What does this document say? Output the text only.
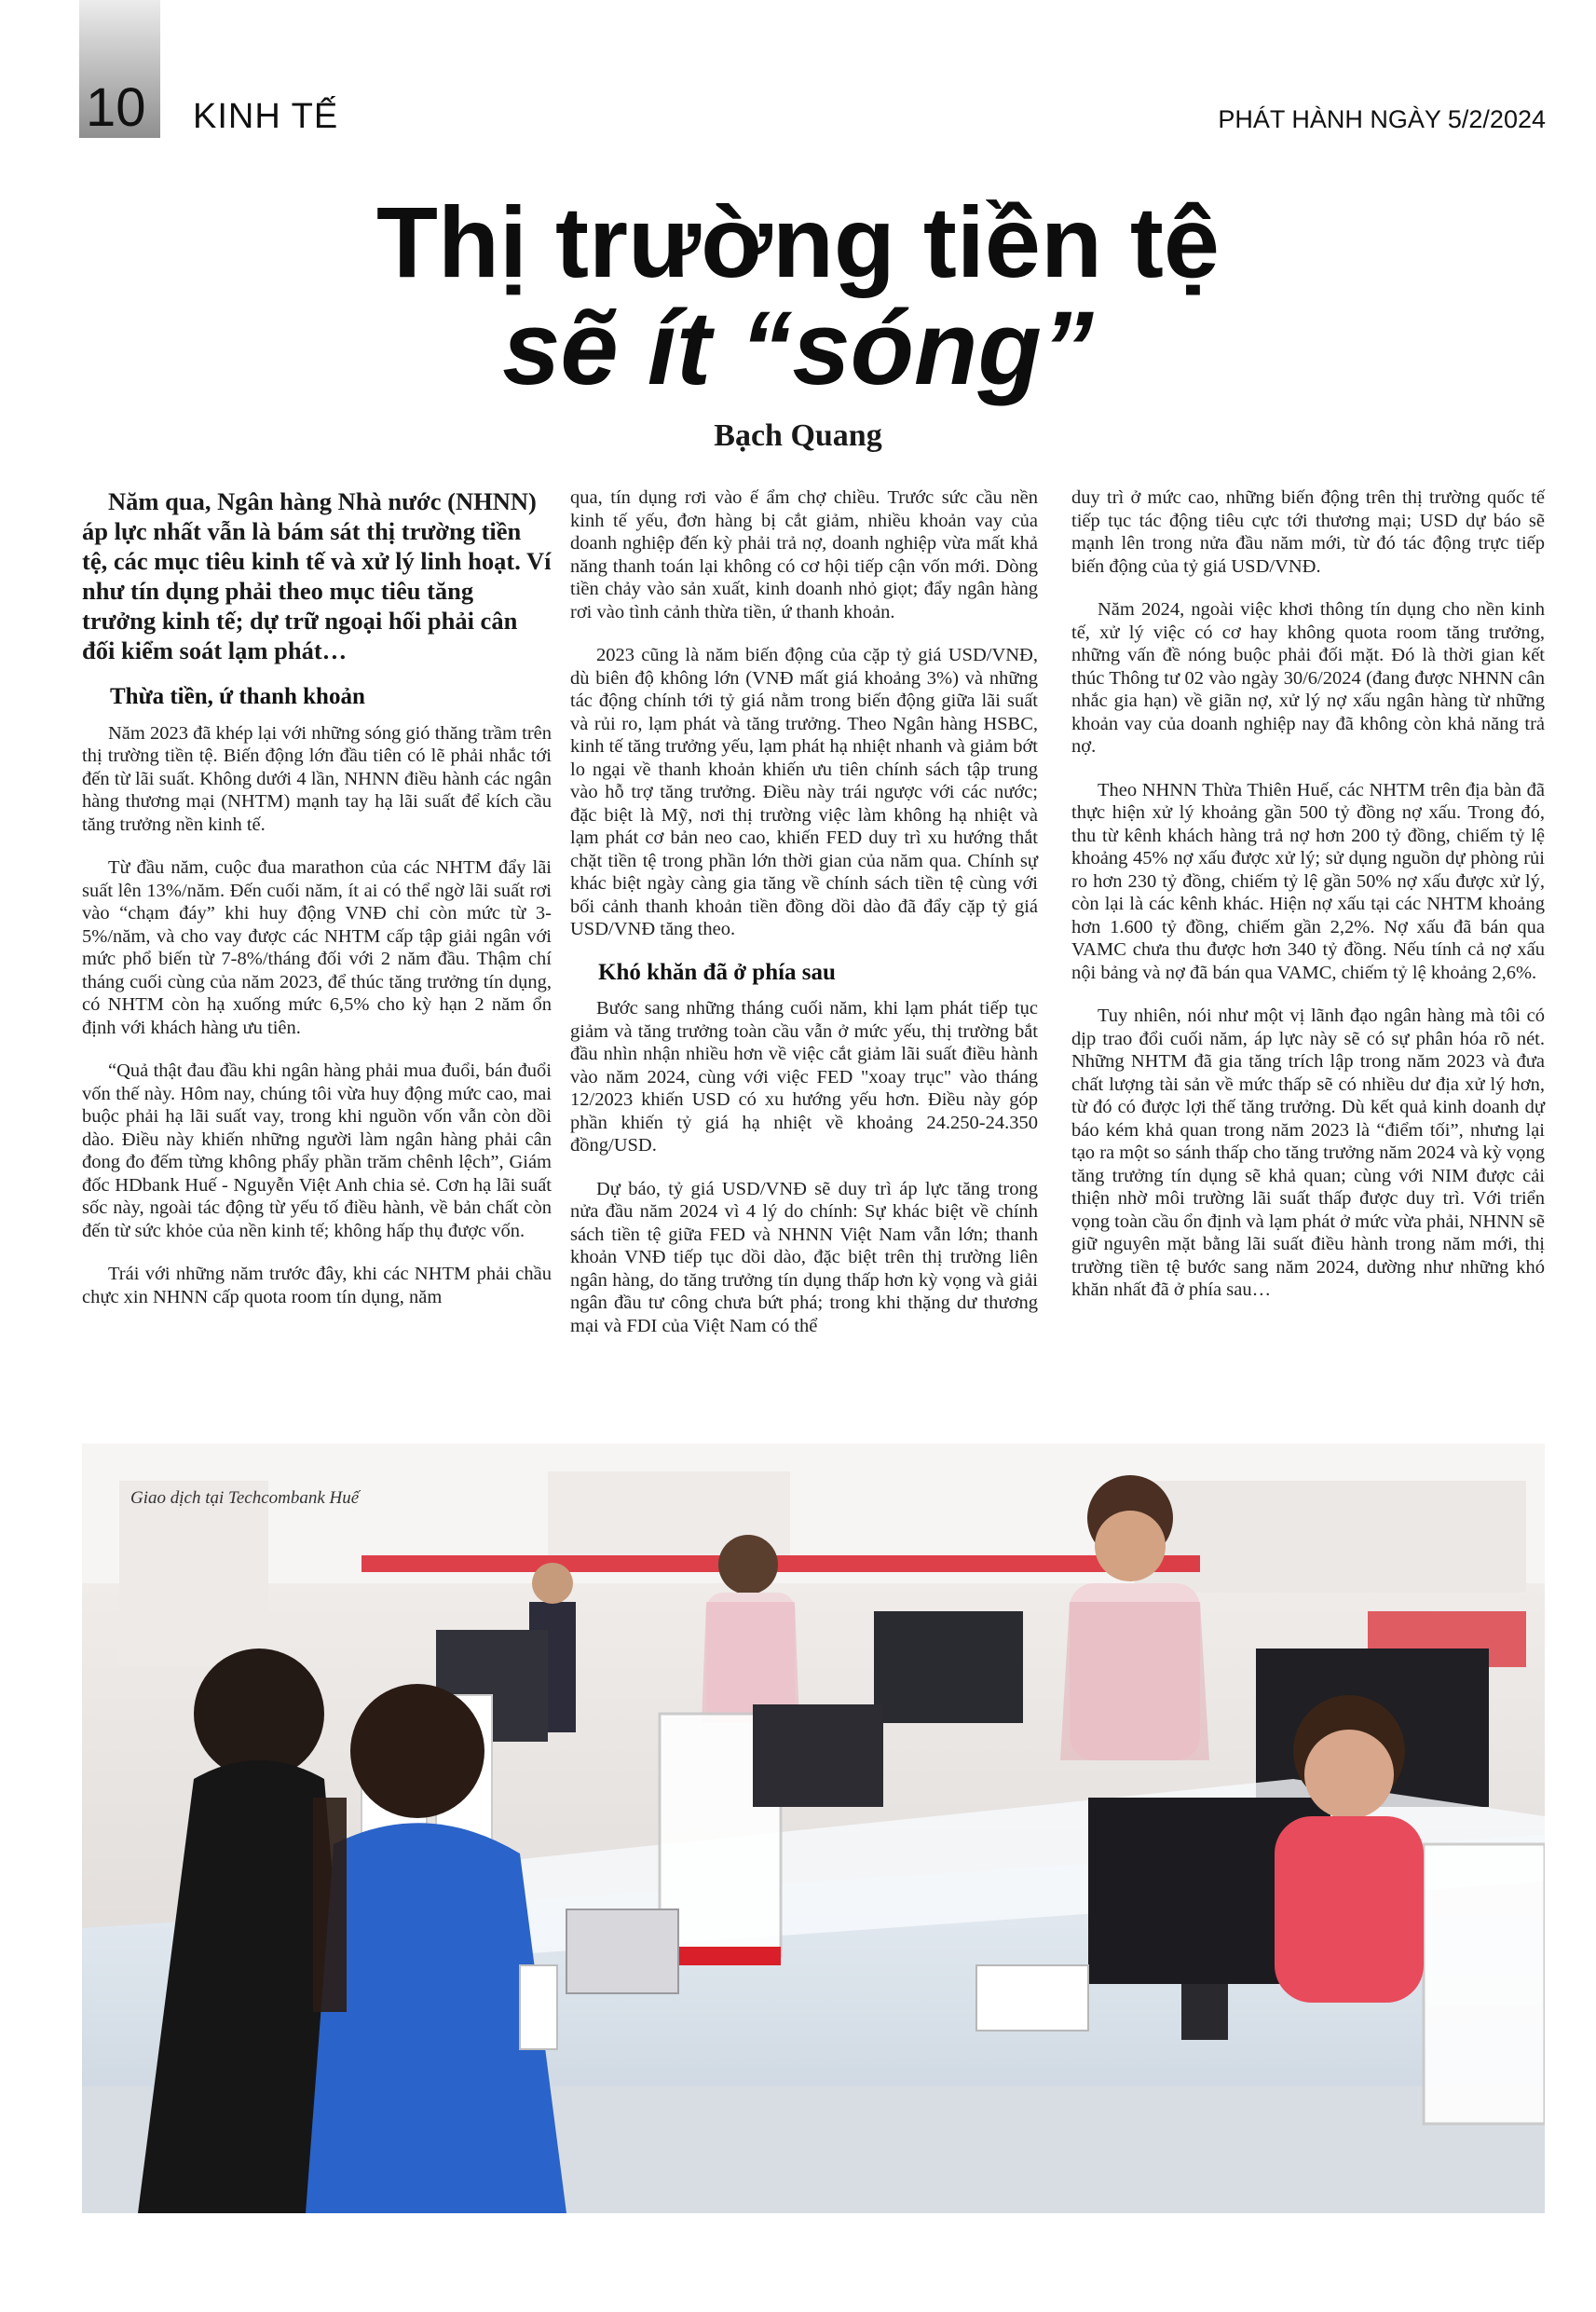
10 KINH TẾ	PHÁT HÀNH NGÀY 5/2/2024
Thị trường tiền tệ
sẽ ít “sóng”
Bạch Quang

Năm qua, Ngân hàng Nhà nước (NHNN) áp lực nhất vẫn là bám sát thị trường tiền tệ, các mục tiêu kinh tế và xử lý linh hoạt. Ví như tín dụng phải theo mục tiêu tăng trưởng kinh tế; dự trữ ngoại hối phải cân đối kiểm soát lạm phát…

Thừa tiền, ứ thanh khoản

Năm 2023 đã khép lại với những sóng gió thăng trầm trên thị trường tiền tệ. Biến động lớn đầu tiên có lẽ phải nhắc tới đến từ lãi suất. Không dưới 4 lần, NHNN điều hành các ngân hàng thương mại (NHTM) mạnh tay hạ lãi suất để kích cầu tăng trưởng nền kinh tế.

Từ đầu năm, cuộc đua marathon của các NHTM đẩy lãi suất lên 13%/năm. Đến cuối năm, ít ai có thể ngờ lãi suất rơi vào “chạm đáy” khi huy động VNĐ chỉ còn mức từ 3-5%/năm, và cho vay được các NHTM cấp tập giải ngân với mức phổ biến từ 7-8%/tháng đối với 2 năm đầu. Thậm chí tháng cuối cùng của năm 2023, để thúc tăng trưởng tín dụng, có NHTM còn hạ xuống mức 6,5% cho kỳ hạn 2 năm ổn định với khách hàng ưu tiên.

“Quả thật đau đầu khi ngân hàng phải mua đuổi, bán đuổi vốn thế này. Hôm nay, chúng tôi vừa huy động mức cao, mai buộc phải hạ lãi suất vay, trong khi nguồn vốn vẫn còn dồi dào. Điều này khiến những người làm ngân hàng phải cân đong đo đếm từng không phẩy phần trăm chênh lệch”, Giám đốc HDbank Huế - Nguyễn Việt Anh chia sẻ. Cơn hạ lãi suất sốc này, ngoài tác động từ yếu tố điều hành, về bản chất còn đến từ sức khỏe của nền kinh tế; không hấp thụ được vốn.

Trái với những năm trước đây, khi các NHTM phải chầu chực xin NHNN cấp quota room tín dụng, năm

qua, tín dụng rơi vào ế ẩm chợ chiều. Trước sức cầu nền kinh tế yếu, đơn hàng bị cắt giảm, nhiều khoản vay của doanh nghiệp đến kỳ phải trả nợ, doanh nghiệp vừa mất khả năng thanh toán lại không có cơ hội tiếp cận vốn mới. Dòng tiền chảy vào sản xuất, kinh doanh nhỏ giọt; đẩy ngân hàng rơi vào tình cảnh thừa tiền, ứ thanh khoản.

2023 cũng là năm biến động của cặp tỷ giá USD/VNĐ, dù biên độ không lớn (VNĐ mất giá khoảng 3%) và những tác động chính tới tỷ giá nằm trong biến động giữa lãi suất và rủi ro, lạm phát và tăng trưởng. Theo Ngân hàng HSBC, kinh tế tăng trưởng yếu, lạm phát hạ nhiệt nhanh và giảm bớt lo ngại về thanh khoản khiến ưu tiên chính sách tập trung vào hỗ trợ tăng trưởng. Điều này trái ngược với các nước; đặc biệt là Mỹ, nơi thị trường việc làm không hạ nhiệt và lạm phát cơ bản neo cao, khiến FED duy trì xu hướng thắt chặt tiền tệ trong phần lớn thời gian của năm qua. Chính sự khác biệt ngày càng gia tăng về chính sách tiền tệ cùng với bối cảnh thanh khoản tiền đồng dồi dào đã đẩy cặp tỷ giá USD/VNĐ tăng theo.

Khó khăn đã ở phía sau

Bước sang những tháng cuối năm, khi lạm phát tiếp tục giảm và tăng trưởng toàn cầu vẫn ở mức yếu, thị trường bắt đầu nhìn nhận nhiều hơn về việc cắt giảm lãi suất điều hành vào năm 2024, cùng với việc FED "xoay trục" vào tháng 12/2023 khiến USD có xu hướng yếu hơn. Điều này góp phần khiến tỷ giá hạ nhiệt về khoảng 24.250-24.350 đồng/USD.

Dự báo, tỷ giá USD/VNĐ sẽ duy trì áp lực tăng trong nửa đầu năm 2024 vì 4 lý do chính: Sự khác biệt về chính sách tiền tệ giữa FED và NHNN Việt Nam vẫn lớn; thanh khoản VNĐ tiếp tục dồi dào, đặc biệt trên thị trường liên ngân hàng, do tăng trưởng tín dụng thấp hơn kỳ vọng và giải ngân đầu tư công chưa bứt phá; trong khi thặng dư thương mại và FDI của Việt Nam có thể

duy trì ở mức cao, những biến động trên thị trường quốc tế tiếp tục tác động tiêu cực tới thương mại; USD dự báo sẽ mạnh lên trong nửa đầu năm mới, từ đó tác động trực tiếp biến động của tỷ giá USD/VNĐ.

Năm 2024, ngoài việc khơi thông tín dụng cho nền kinh tế, xử lý việc có cơ hay không quota room tăng trưởng, những vấn đề nóng buộc phải đối mặt. Đó là thời gian kết thúc Thông tư 02 vào ngày 30/6/2024 (đang được NHNN cân nhắc gia hạn) về giãn nợ, xử lý nợ xấu ngân hàng từ những khoản vay của doanh nghiệp nay đã không còn khả năng trả nợ.

Theo NHNN Thừa Thiên Huế, các NHTM trên địa bàn đã thực hiện xử lý khoảng gần 500 tỷ đồng nợ xấu. Trong đó, thu từ kênh khách hàng trả nợ hơn 200 tỷ đồng, chiếm tỷ lệ khoảng 45% nợ xấu được xử lý; sử dụng nguồn dự phòng rủi ro hơn 230 tỷ đồng, chiếm tỷ lệ gần 50% nợ xấu được xử lý, còn lại là các kênh khác. Hiện nợ xấu tại các NHTM khoảng hơn 1.600 tỷ đồng, chiếm gần 2,2%. Nợ xấu đã bán qua VAMC chưa thu được hơn 340 tỷ đồng. Nếu tính cả nợ xấu nội bảng và nợ đã bán qua VAMC, chiếm tỷ lệ khoảng 2,6%.

Tuy nhiên, nói như một vị lãnh đạo ngân hàng mà tôi có dịp trao đổi cuối năm, áp lực này sẽ có sự phân hóa rõ nét. Những NHTM đã gia tăng trích lập trong năm 2023 và đưa chất lượng tài sản về mức thấp sẽ có nhiều dư địa xử lý hơn, từ đó có được lợi thế tăng trưởng. Dù kết quả kinh doanh dự báo kém khả quan trong năm 2023 là “điểm tối”, nhưng lại tạo ra một so sánh thấp cho tăng trưởng năm 2024 và kỳ vọng tăng trưởng tín dụng sẽ khả quan; cùng với NIM được cải thiện nhờ môi trường lãi suất thấp được duy trì. Với triển vọng toàn cầu ổn định và lạm phát ở mức vừa phải, NHNN sẽ giữ nguyên mặt bằng lãi suất điều hành trong năm mới, thị trường tiền tệ bước sang năm 2024, dường như những khó khăn nhất đã ở phía sau…

Giao dịch tại Techcombank Huế
